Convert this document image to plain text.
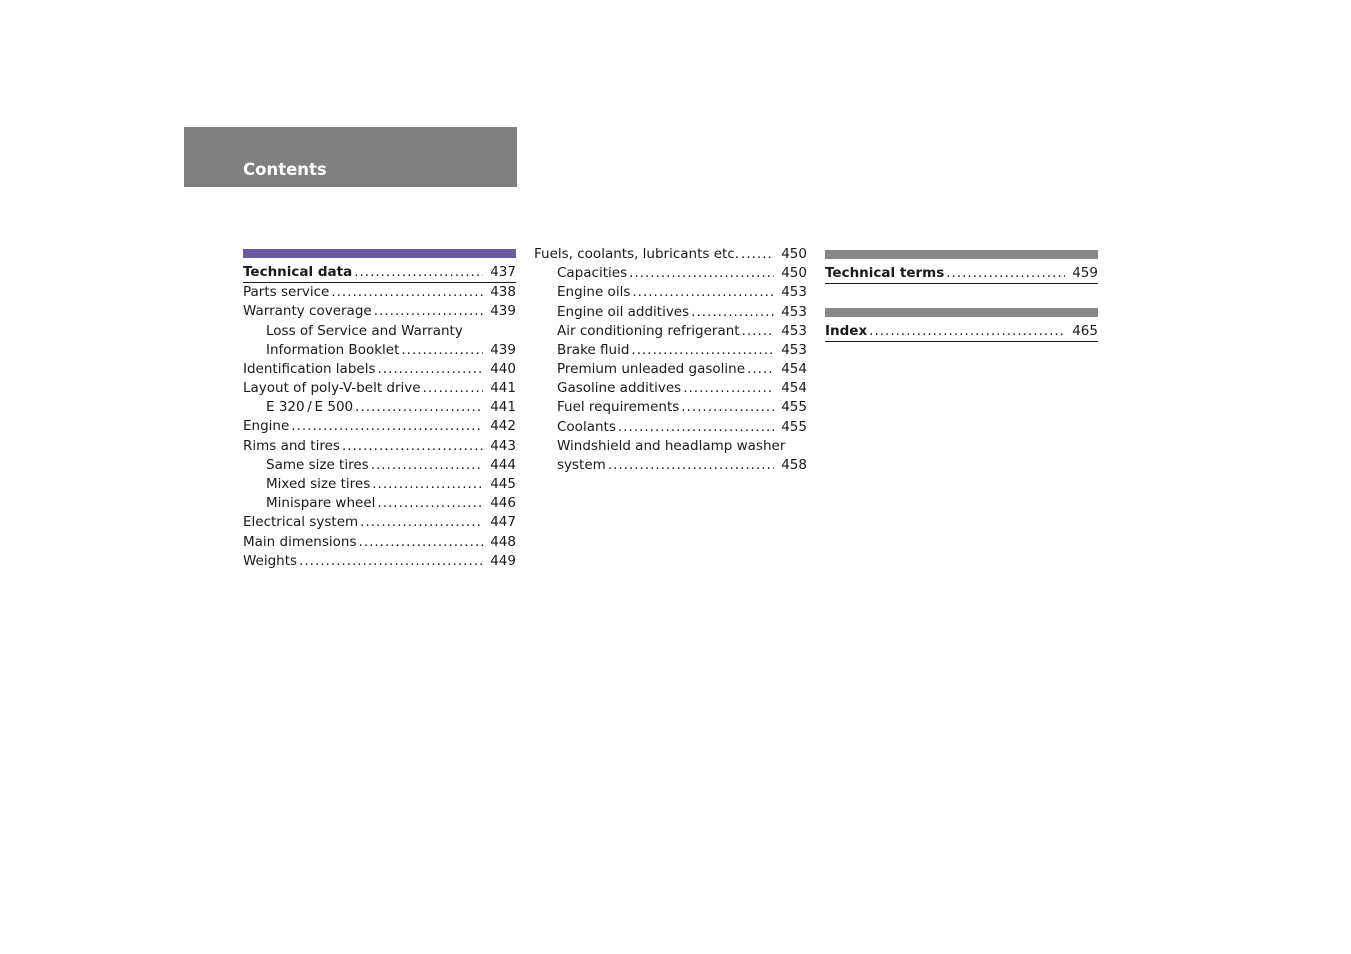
Contents
Technical data .....	437
Parts service .....	438
Warranty coverage .....	439
Loss of Service and Warranty
Information Booklet .....	439
Identification labels .....	440
Layout of poly-V-belt drive .....	441
E 320 / E 500 .....	441
Engine .....	442
Rims and tires .....	443
Same size tires .....	444
Mixed size tires .....	445
Minispare wheel .....	446
Electrical system .....	447
Main dimensions .....	448
Weights .....	449
Fuels, coolants, lubricants etc. .....	450
Capacities .....	450
Engine oils .....	453
Engine oil additives .....	453
Air conditioning refrigerant .....	453
Brake fluid .....	453
Premium unleaded gasoline .....	454
Gasoline additives .....	454
Fuel requirements .....	455
Coolants .....	455
Windshield and headlamp washer
system .....	458
Technical terms .....	459
Index .....	465
